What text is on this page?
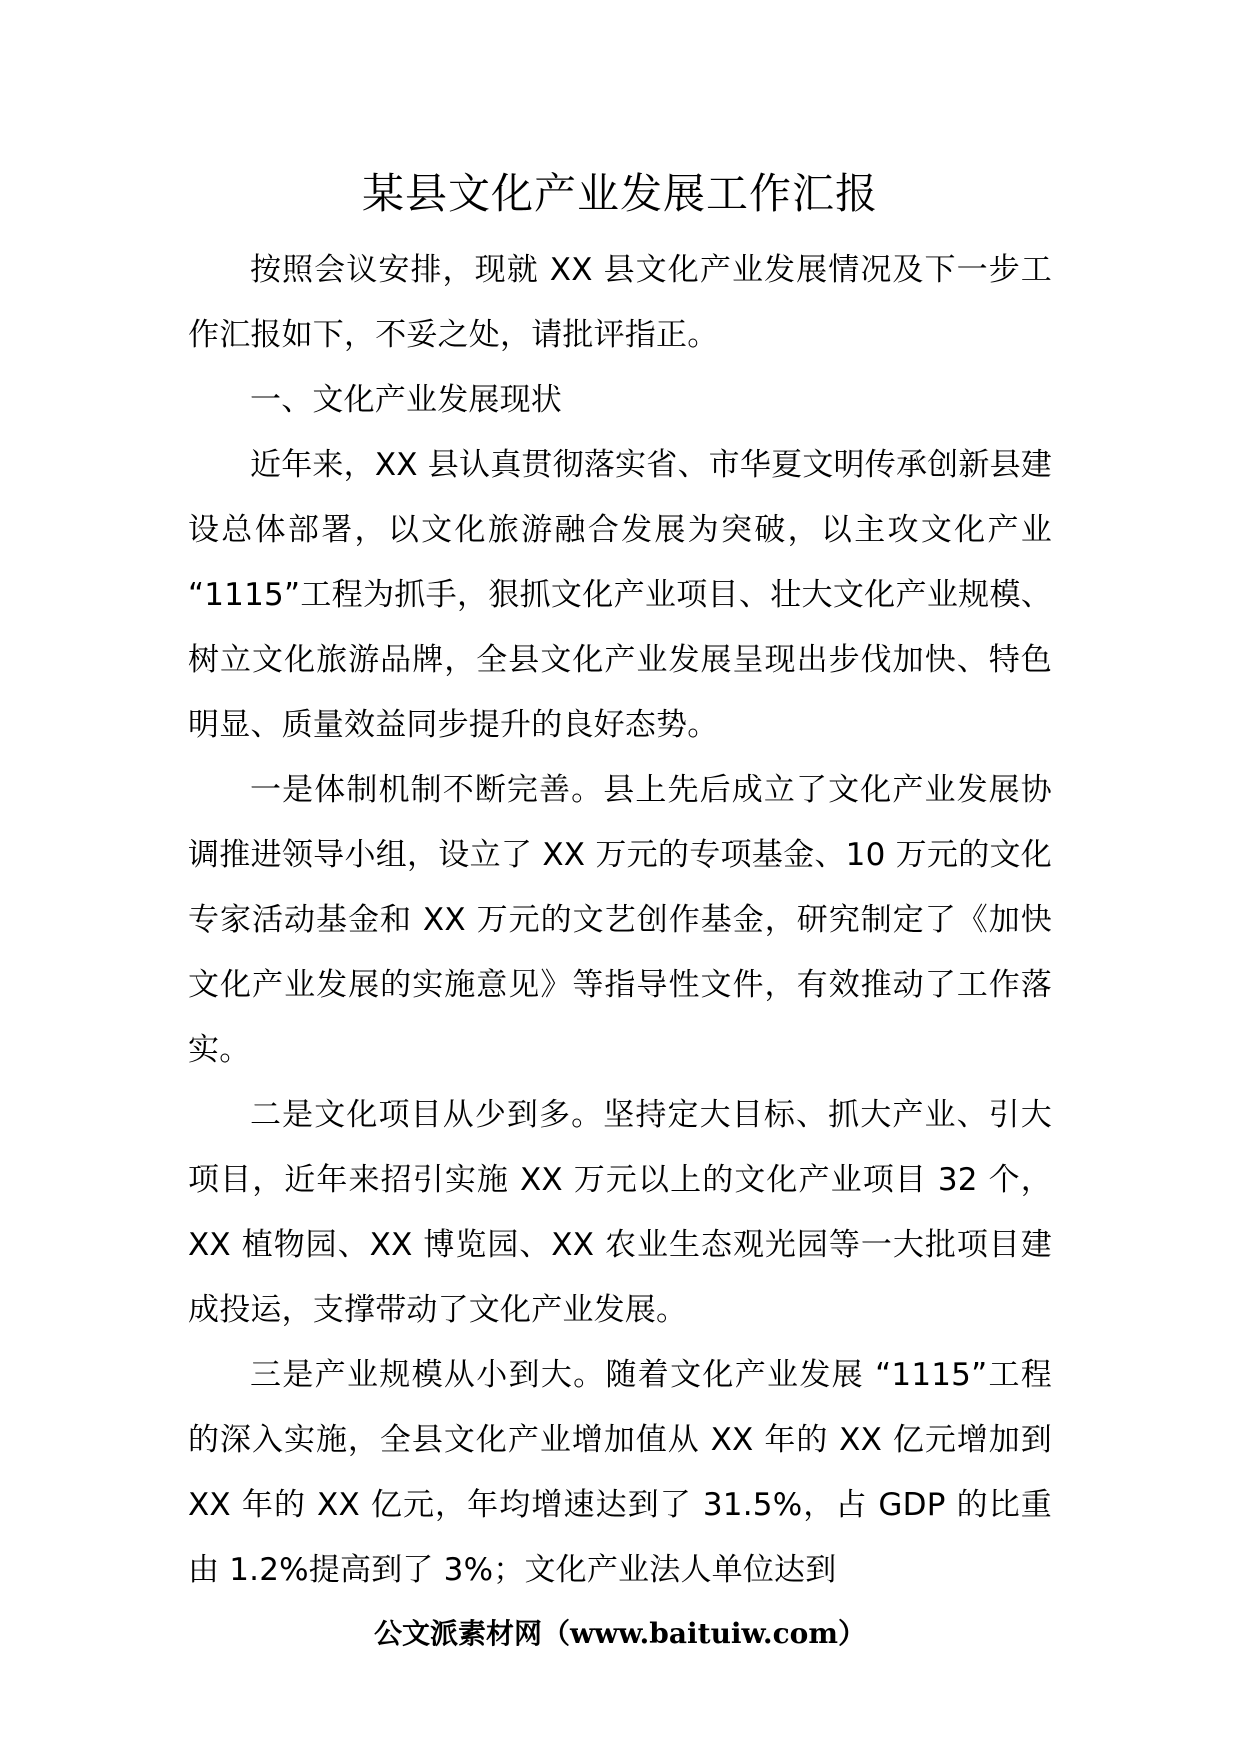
某县文化产业发展工作汇报

按照会议安排，现就 XX 县文化产业发展情况及下一步工作汇报如下，不妥之处，请批评指正。

一、文化产业发展现状

近年来，XX 县认真贯彻落实省、市华夏文明传承创新县建设总体部署，以文化旅游融合发展为突破，以主攻文化产业 “1115”工程为抓手，狠抓文化产业项目、壮大文化产业规模、树立文化旅游品牌，全县文化产业发展呈现出步伐加快、特色明显、质量效益同步提升的良好态势。

一是体制机制不断完善。县上先后成立了文化产业发展协调推进领导小组，设立了 XX 万元的专项基金、10 万元的文化专家活动基金和 XX 万元的文艺创作基金，研究制定了《加快文化产业发展的实施意见》等指导性文件，有效推动了工作落实。

二是文化项目从少到多。坚持定大目标、抓大产业、引大项目，近年来招引实施 XX 万元以上的文化产业项目 32 个，XX 植物园、XX 博览园、XX 农业生态观光园等一大批项目建成投运，支撑带动了文化产业发展。

三是产业规模从小到大。随着文化产业发展 “1115”工程的深入实施，全县文化产业增加值从 XX 年的 XX 亿元增加到 XX 年的 XX 亿元，年均增速达到了 31.5%，占 GDP 的比重由 1.2%提高到了 3%；文化产业法人单位达到

公文派素材网（www.baituiw.com）
